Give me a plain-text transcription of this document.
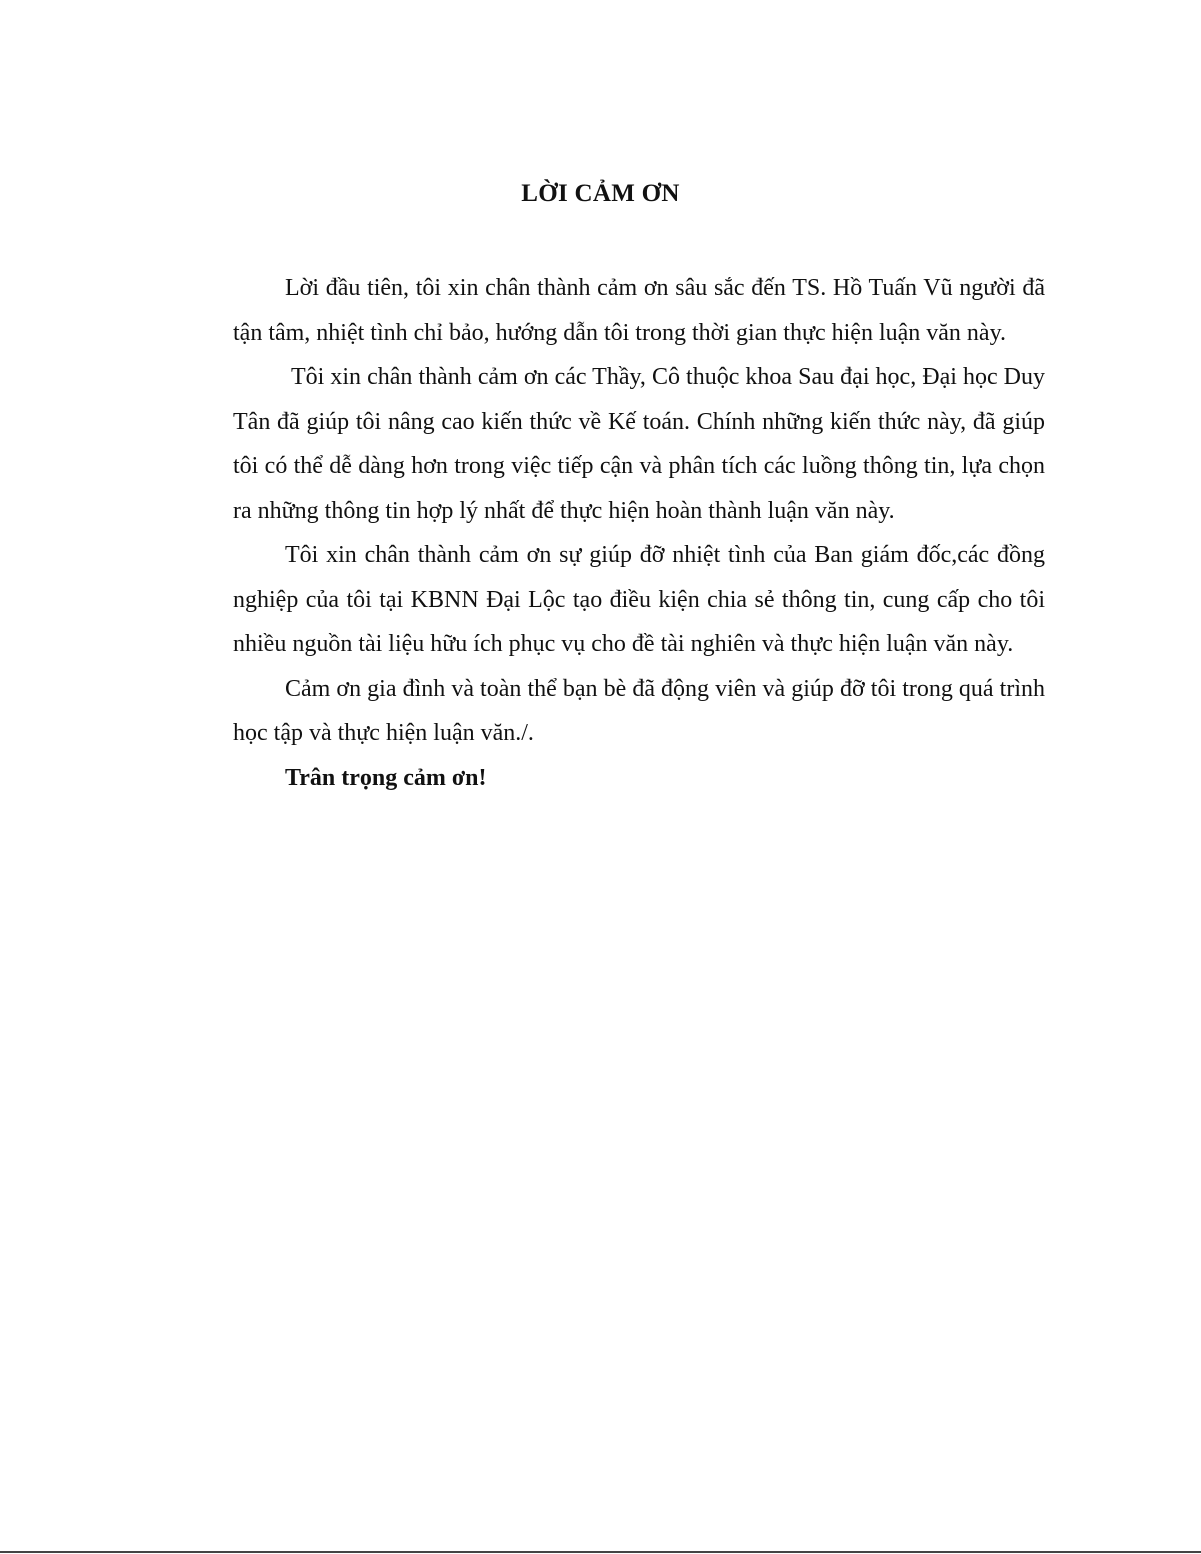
LỜI CẢM ƠN

Lời đầu tiên, tôi xin chân thành cảm ơn sâu sắc đến TS. Hồ Tuấn Vũ người đã tận tâm, nhiệt tình chỉ bảo, hướng dẫn tôi trong thời gian thực hiện luận văn này.

Tôi xin chân thành cảm ơn các Thầy, Cô thuộc khoa Sau đại học, Đại học Duy Tân đã giúp tôi nâng cao kiến thức về Kế toán. Chính những kiến thức này, đã giúp tôi có thể dễ dàng hơn trong việc tiếp cận và phân tích các luồng thông tin, lựa chọn ra những thông tin hợp lý nhất để thực hiện hoàn thành luận văn này.

Tôi xin chân thành cảm ơn sự giúp đỡ nhiệt tình của Ban giám đốc,các đồng nghiệp của tôi tại KBNN Đại Lộc tạo điều kiện chia sẻ thông tin, cung cấp cho tôi nhiều nguồn tài liệu hữu ích phục vụ cho đề tài nghiên và thực hiện luận văn này.

Cảm ơn gia đình và toàn thể bạn bè đã động viên và giúp đỡ tôi trong quá trình học tập và thực hiện luận văn./.

Trân trọng cảm ơn!
